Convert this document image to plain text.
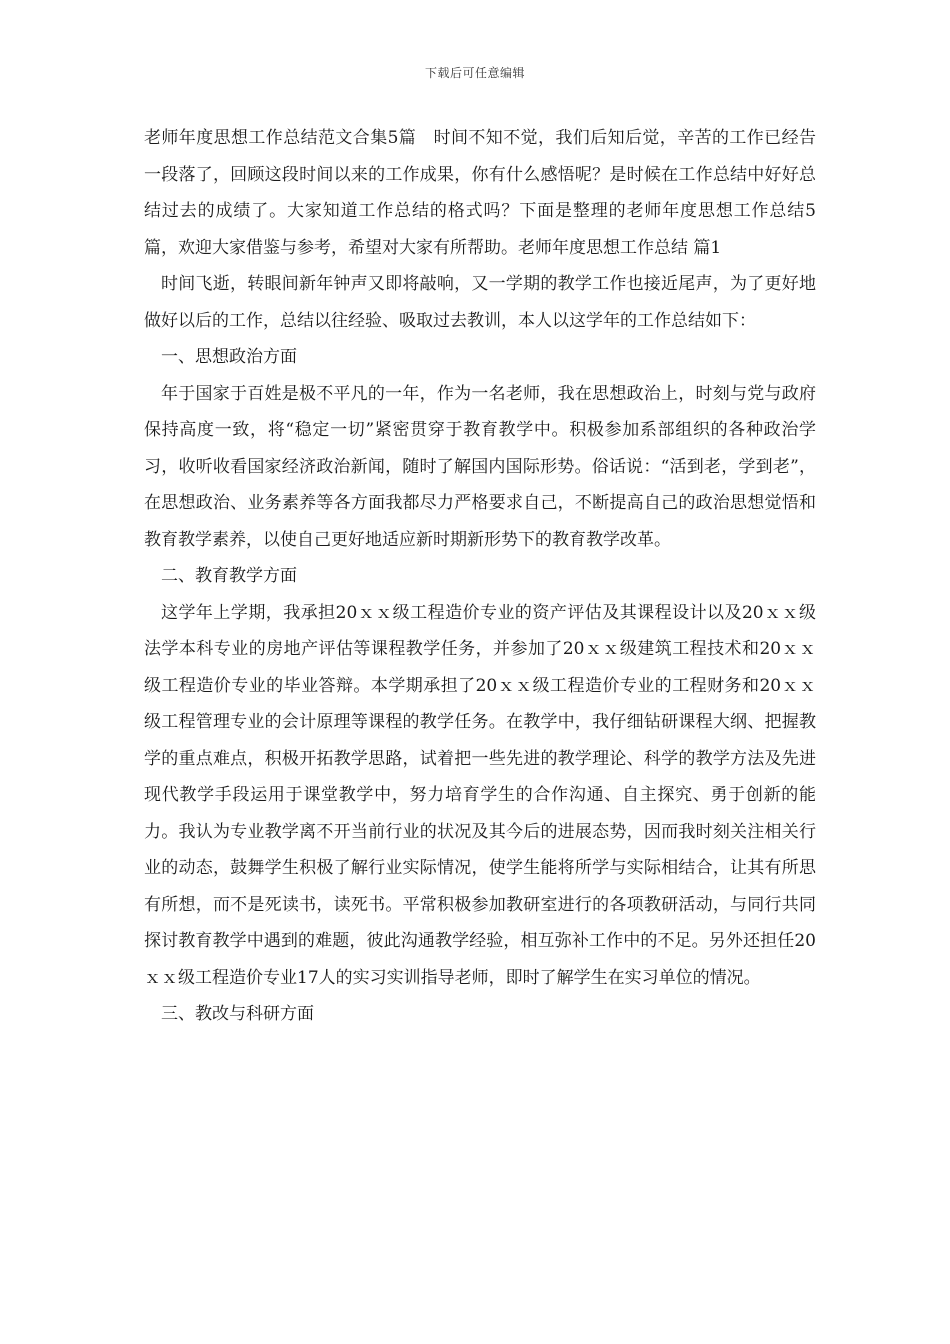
下载后可任意编辑

老师年度思想工作总结范文合集5篇　时间不知不觉，我们后知后觉，辛苦的工作已经告一段落了，回顾这段时间以来的工作成果，你有什么感悟呢？是时候在工作总结中好好总结过去的成绩了。大家知道工作总结的格式吗？下面是整理的老师年度思想工作总结5篇，欢迎大家借鉴与参考，希望对大家有所帮助。老师年度思想工作总结 篇1

时间飞逝，转眼间新年钟声又即将敲响，又一学期的教学工作也接近尾声，为了更好地做好以后的工作，总结以往经验、吸取过去教训，本人以这学年的工作总结如下：

一、思想政治方面

年于国家于百姓是极不平凡的一年，作为一名老师，我在思想政治上，时刻与党与政府保持高度一致，将“稳定一切”紧密贯穿于教育教学中。积极参加系部组织的各种政治学习，收听收看国家经济政治新闻，随时了解国内国际形势。俗话说：“活到老，学到老”，在思想政治、业务素养等各方面我都尽力严格要求自己，不断提高自己的政治思想觉悟和教育教学素养，以使自己更好地适应新时期新形势下的教育教学改革。

二、教育教学方面

这学年上学期，我承担20ｘｘ级工程造价专业的资产评估及其课程设计以及20ｘｘ级法学本科专业的房地产评估等课程教学任务，并参加了20ｘｘ级建筑工程技术和20ｘｘ级工程造价专业的毕业答辩。本学期承担了20ｘｘ级工程造价专业的工程财务和20ｘｘ级工程管理专业的会计原理等课程的教学任务。在教学中，我仔细钻研课程大纲、把握教学的重点难点，积极开拓教学思路，试着把一些先进的教学理论、科学的教学方法及先进现代教学手段运用于课堂教学中，努力培育学生的合作沟通、自主探究、勇于创新的能力。我认为专业教学离不开当前行业的状况及其今后的进展态势，因而我时刻关注相关行业的动态，鼓舞学生积极了解行业实际情况，使学生能将所学与实际相结合，让其有所思有所想，而不是死读书，读死书。平常积极参加教研室进行的各项教研活动，与同行共同探讨教育教学中遇到的难题，彼此沟通教学经验，相互弥补工作中的不足。另外还担任20ｘｘ级工程造价专业17人的实习实训指导老师，即时了解学生在实习单位的情况。

三、教改与科研方面
